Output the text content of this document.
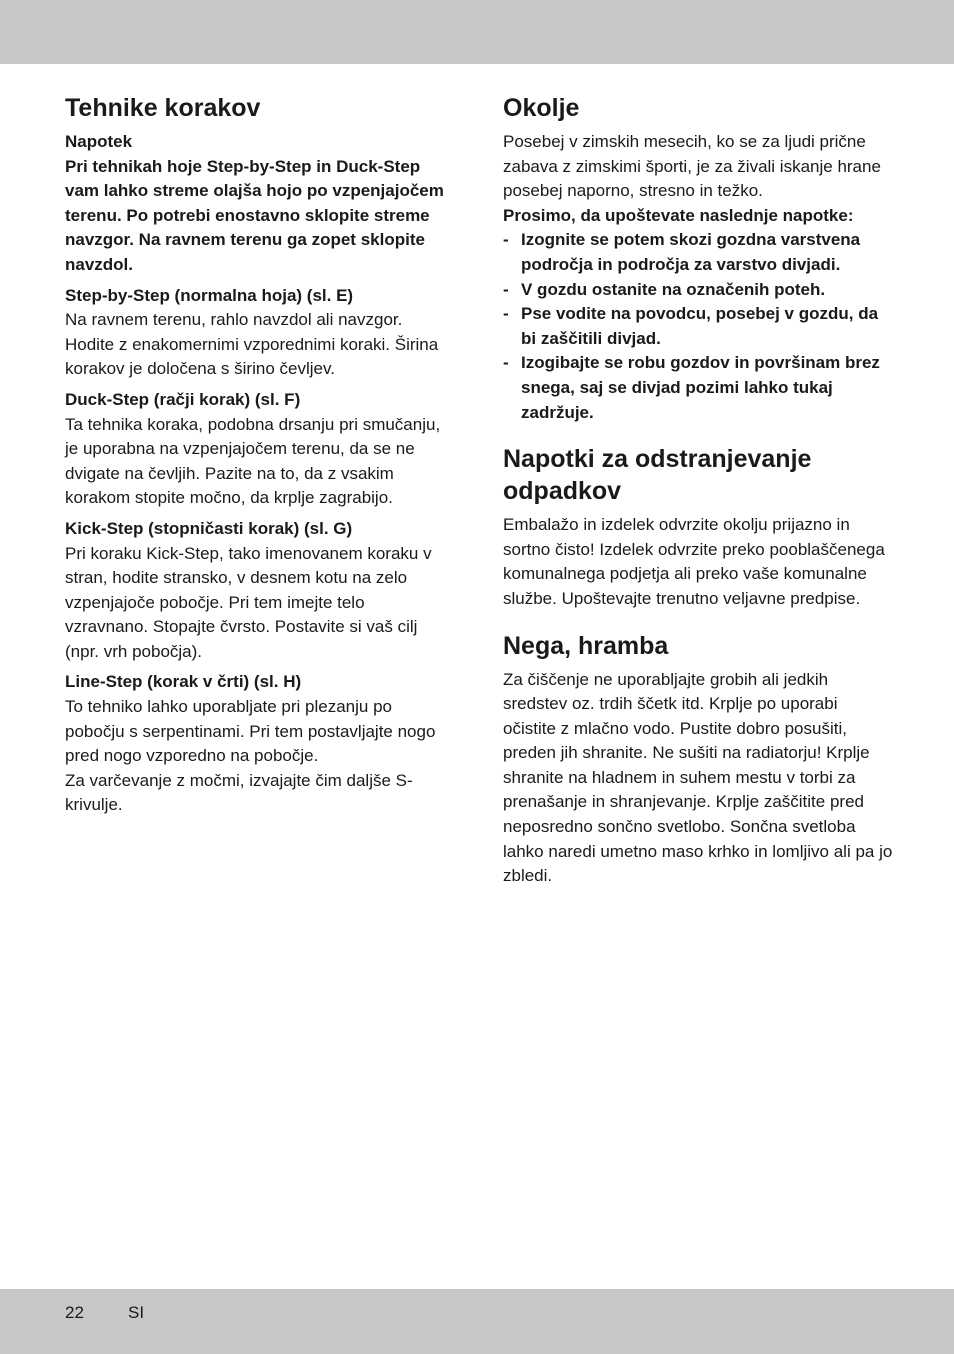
Tehnike korakov

Napotek

Pri tehnikah hoje Step-by-Step in Duck-Step vam lahko streme olajša hojo po vzpenjajočem terenu. Po potrebi enostavno sklopite streme navzgor. Na ravnem terenu ga zopet sklopite navzdol.

Step-by-Step (normalna hoja) (sl. E)

Na ravnem terenu, rahlo navzdol ali navzgor. Hodite z enakomernimi vzporednimi koraki. Širina korakov je določena s širino čevljev.

Duck-Step (račji korak) (sl. F)

Ta tehnika koraka, podobna drsanju pri smučanju, je uporabna na vzpenjajočem terenu, da se ne dvigate na čevljih. Pazite na to, da z vsakim korakom stopite močno, da krplje zagrabijo.

Kick-Step (stopničasti korak) (sl. G)

Pri koraku Kick-Step, tako imenovanem koraku v stran, hodite stransko, v desnem kotu na zelo vzpenjajoče pobočje. Pri tem imejte telo vzravnano. Stopajte čvrsto. Postavite si vaš cilj (npr. vrh pobočja).

Line-Step (korak v črti) (sl. H)

To tehniko lahko uporabljate pri plezanju po pobočju s serpentinami. Pri tem postavljajte nogo pred nogo vzporedno na pobočje.

Za varčevanje z močmi, izvajajte čim daljše S-krivulje.

Okolje

Posebej v zimskih mesecih, ko se za ljudi prične zabava z zimskimi športi, je za živali iskanje hrane posebej naporno, stresno in težko.

Prosimo, da upoštevate naslednje napotke:

- Izognite se potem skozi gozdna varstvena področja in področja za varstvo divjadi.
- V gozdu ostanite na označenih poteh.
- Pse vodite na povodcu, posebej v gozdu, da bi zaščitili divjad.
- Izogibajte se robu gozdov in površinam brez snega, saj se divjad pozimi lahko tukaj zadržuje.
Napotki za odstranjevanje odpadkov

Embalažo in izdelek odvrzite okolju prijazno in sortno čisto! Izdelek odvrzite preko pooblaščenega komunalnega podjetja ali preko vaše komunalne službe. Upoštevajte trenutno veljavne predpise.

Nega, hramba

Za čiščenje ne uporabljajte grobih ali jedkih sredstev oz. trdih ščetk itd. Krplje po uporabi očistite z mlačno vodo. Pustite dobro posušiti, preden jih shranite. Ne sušiti na radiatorju! Krplje shranite na hladnem in suhem mestu v torbi za prenašanje in shranjevanje. Krplje zaščitite pred neposredno sončno svetlobo. Sončna svetloba lahko naredi umetno maso krhko in lomljivo ali pa jo zbledi.

22	SI
